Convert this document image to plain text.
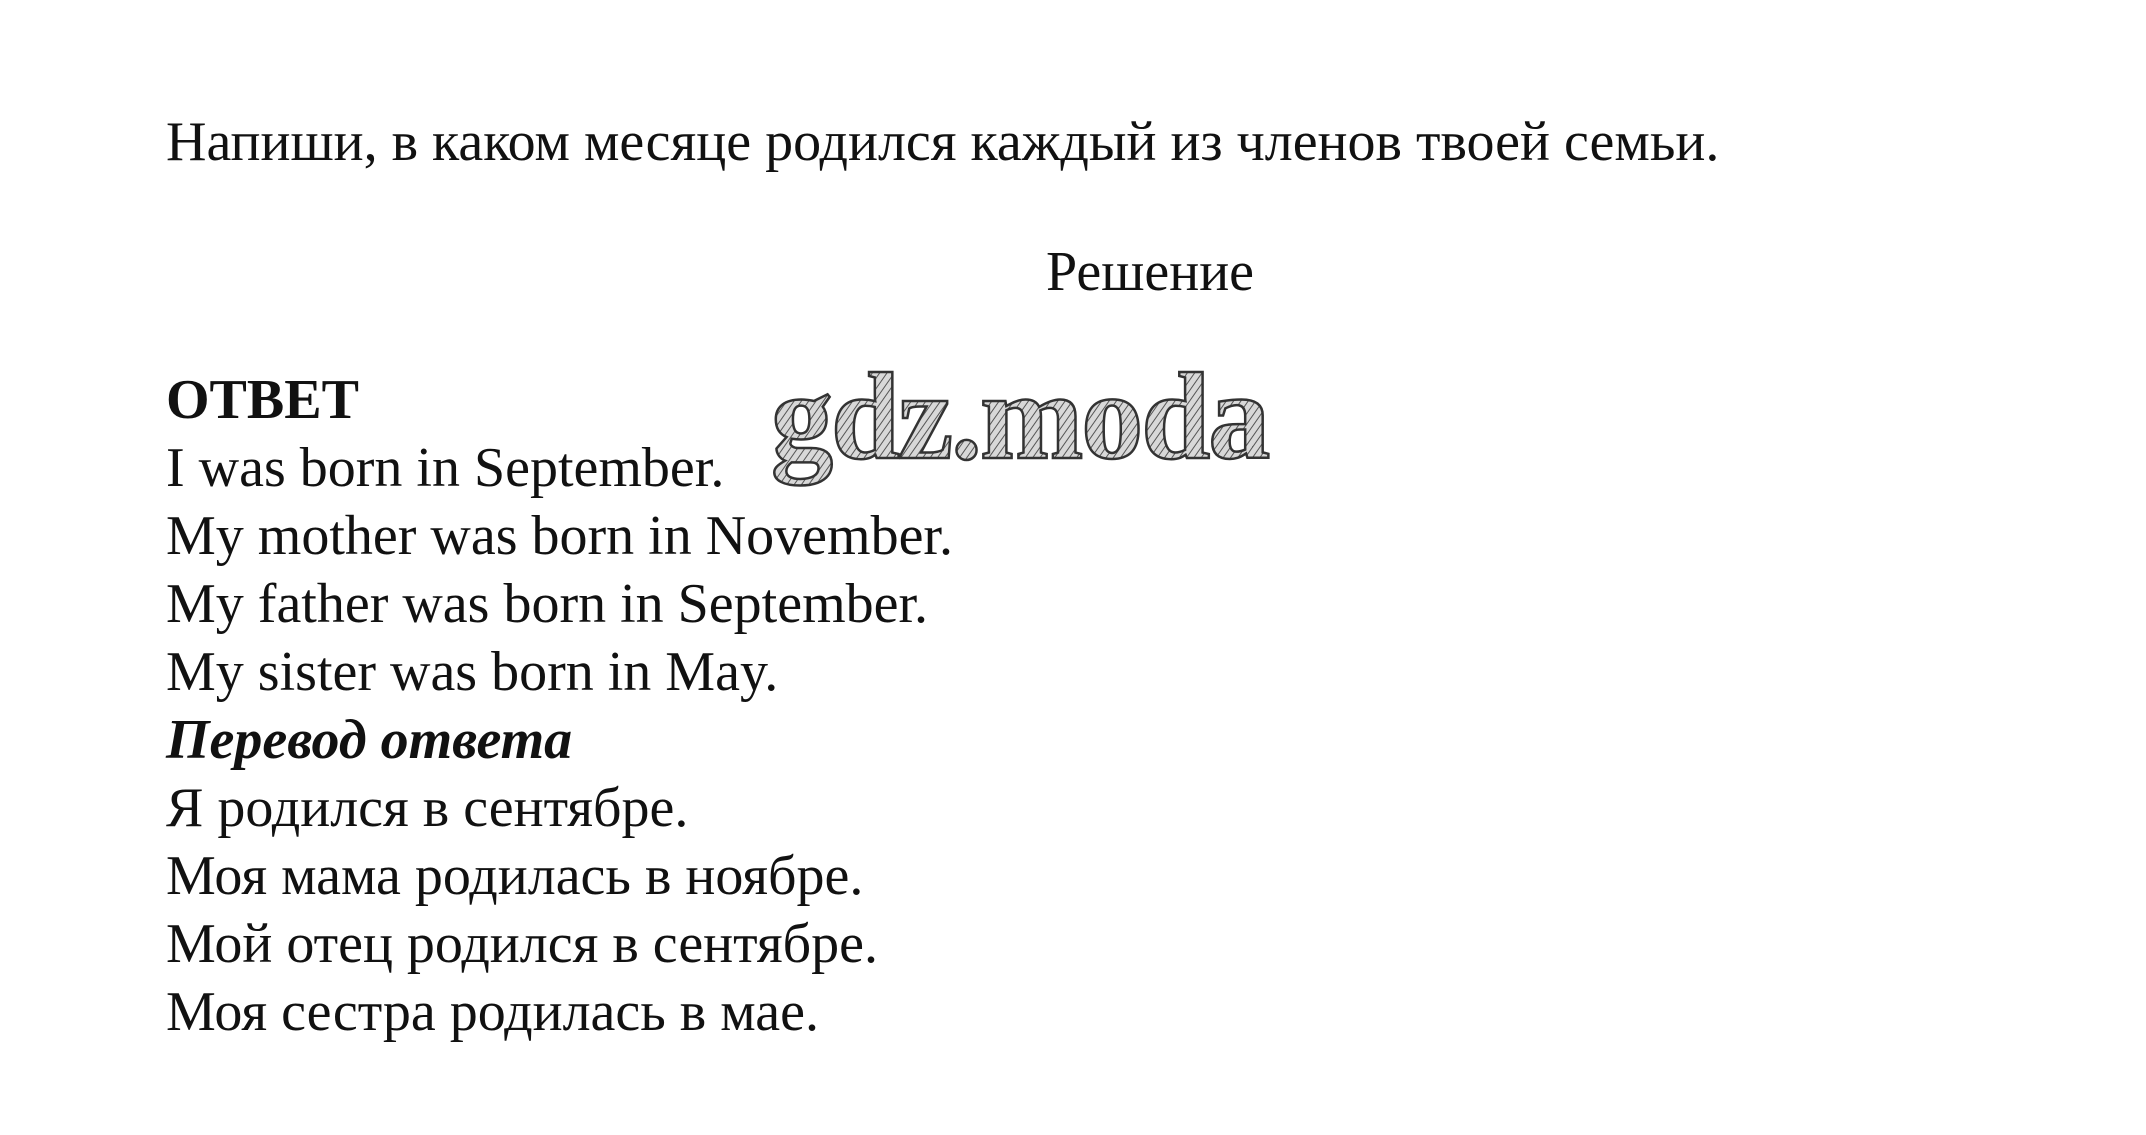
Напиши, в каком месяце родился каждый из членов твоей семьи.
Решение
ОТВЕТ
I was born in September.
My mother was born in November.
My father was born in September.
My sister was born in May.
Перевод ответа
Я родился в сентябре.
Моя мама родилась в ноябре.
Мой отец родился в сентябре.
Моя сестра родилась в мае.
gdz.moda
